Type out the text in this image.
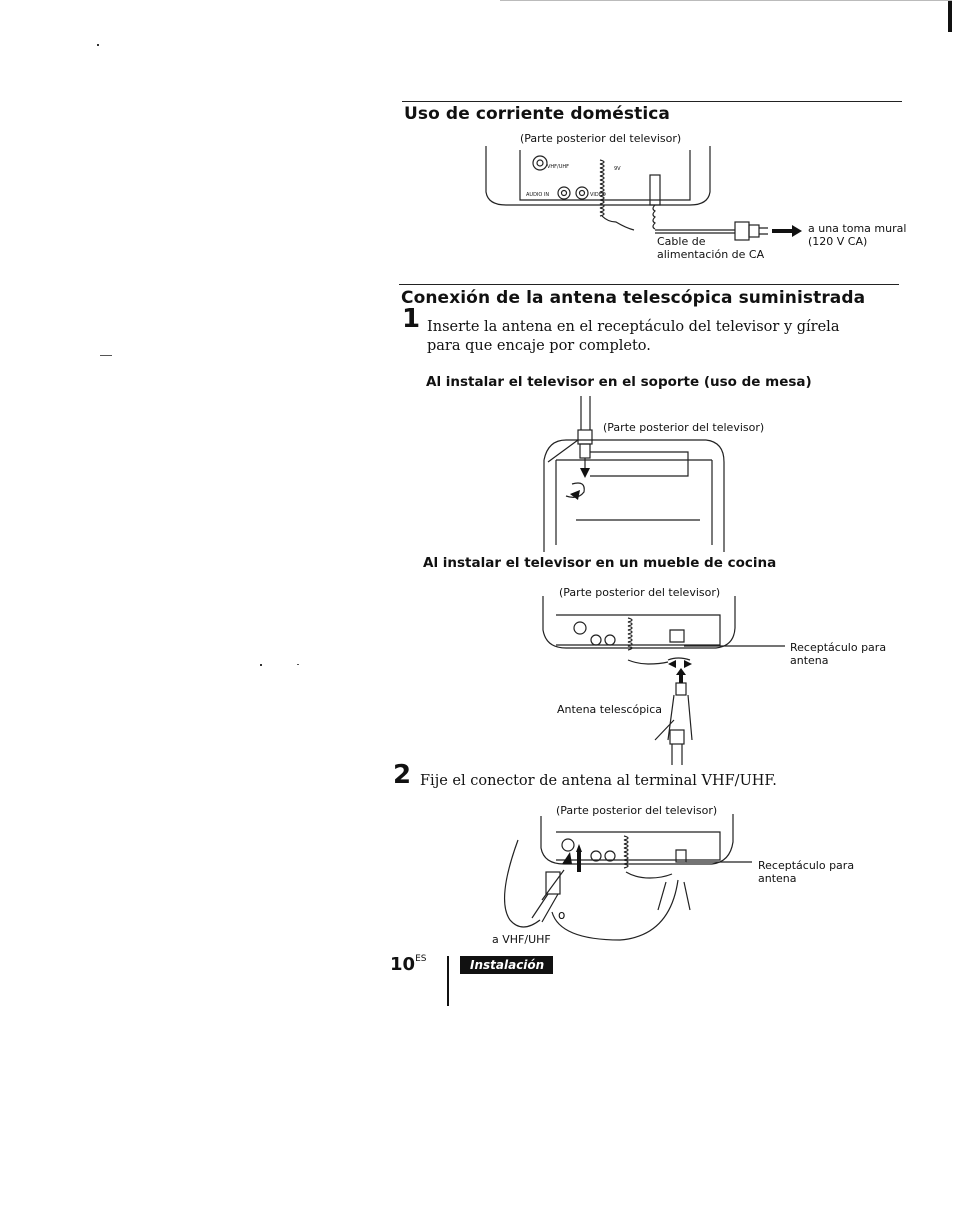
Uso de corriente doméstica
(Parte posterior del televisor)
VHF/UHF
AUDIO IN	VIDEO
9V
Cable de
alimentación de CA
a una toma mural
(120 V CA)
Conexión de la antena telescópica suministrada
1 Inserte la antena en el receptáculo del televisor y gírela para que encaje por completo.
Al instalar el televisor en el soporte (uso de mesa)
(Parte posterior del televisor)
Al instalar el televisor en un mueble de cocina
(Parte posterior del televisor)
Receptáculo para
antena
Antena telescópica
2 Fije el conector de antena al terminal VHF/UHF.
(Parte posterior del televisor)
Receptáculo para
antena
o
a VHF/UHF
$10^{ES}$	Instalación
